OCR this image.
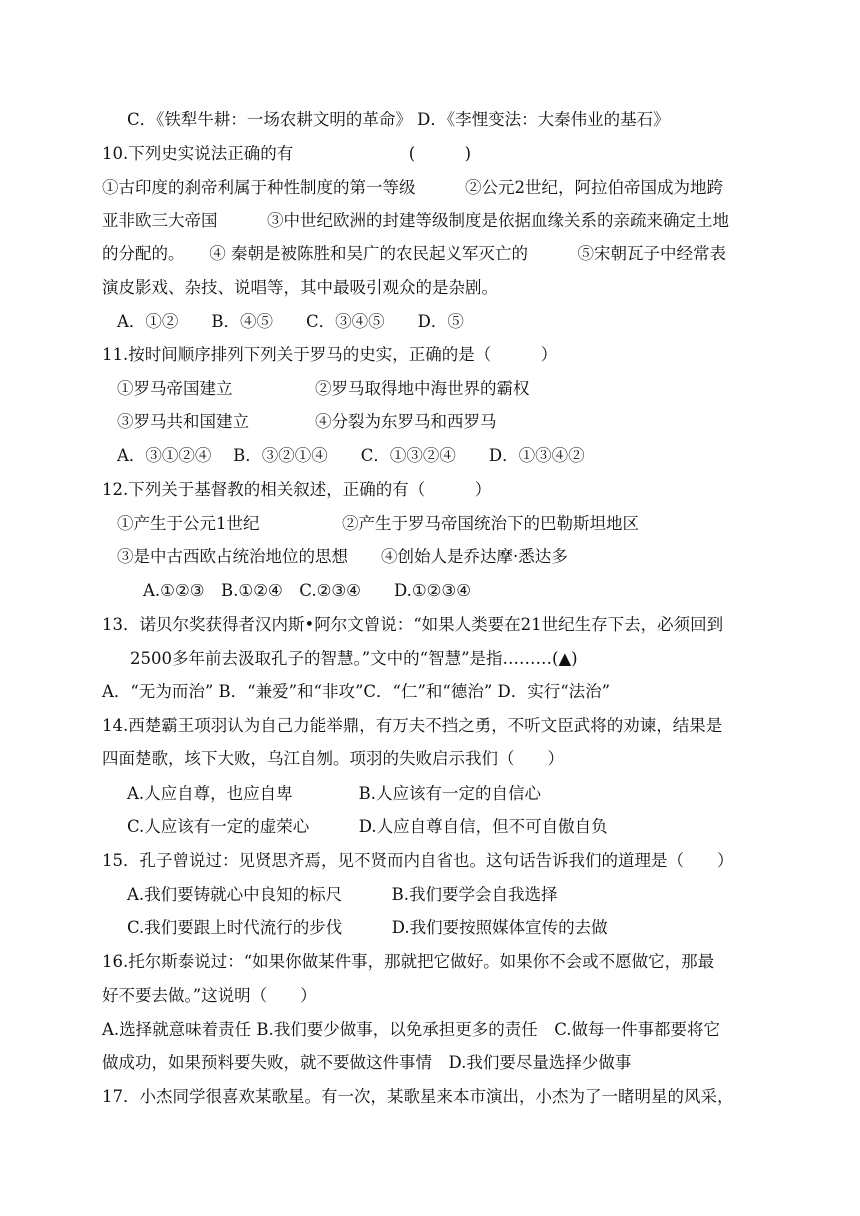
C．《铁犁牛耕：一场农耕文明的革命》 D．《李悝变法：大秦伟业的基石》
10.下列史实说法正确的有　　　　　　　(　　　)
①古印度的刹帝利属于种性制度的第一等级　　　②公元2世纪，阿拉伯帝国成为地跨
亚非欧三大帝国　　　③中世纪欧洲的封建等级制度是依据血缘关系的亲疏来确定土地
的分配的。　　④ 秦朝是被陈胜和吴广的农民起义军灭亡的　　　⑤宋朝瓦子中经常表
演皮影戏、杂技、说唱等，其中最吸引观众的是杂剧。
A．①②　　B．④⑤　　C．③④⑤　　D．⑤
11.按时间顺序排列下列关于罗马的史实，正确的是（　　　）
①罗马帝国建立　　　　　②罗马取得地中海世界的霸权
③罗马共和国建立　　　　④分裂为东罗马和西罗马
A．③①②④　 B．③②①④　　C．①③②④　　D．①③④②
12.下列关于基督教的相关叙述，正确的有（　　　）
①产生于公元1世纪　　　　　②产生于罗马帝国统治下的巴勒斯坦地区
③是中古西欧占统治地位的思想　　④创始人是乔达摩·悉达多
A.①②③　B.①②④　C.②③④　　D.①②③④
13．诺贝尔奖获得者汉内斯•阿尔文曾说：“如果人类要在21世纪生存下去，必须回到
2500多年前去汲取孔子的智慧。”文中的“智慧”是指………(▲)
A．“无为而治” B．“兼爱”和“非攻”C．“仁”和“德治” D．实行“法治”
14.西楚霸王项羽认为自己力能举鼎，有万夫不挡之勇，不听文臣武将的劝谏，结果是
四面楚歌，垓下大败，乌江自刎。项羽的失败启示我们（　　）
A.人应自尊，也应自卑　　　　B.人应该有一定的自信心
C.人应该有一定的虚荣心　　　D.人应自尊自信，但不可自傲自负
15．孔子曾说过：见贤思齐焉，见不贤而内自省也。这句话告诉我们的道理是（　　）
A.我们要铸就心中良知的标尺　　　B.我们要学会自我选择
C.我们要跟上时代流行的步伐　　　D.我们要按照媒体宣传的去做
16.托尔斯泰说过：“如果你做某件事，那就把它做好。如果你不会或不愿做它，那最
好不要去做。”这说明（　　）
A.选择就意味着责任 B.我们要少做事，以免承担更多的责任　C.做每一件事都要将它
做成功，如果预料要失败，就不要做这件事情　D.我们要尽量选择少做事
17．小杰同学很喜欢某歌星。有一次，某歌星来本市演出，小杰为了一睹明星的风采，
